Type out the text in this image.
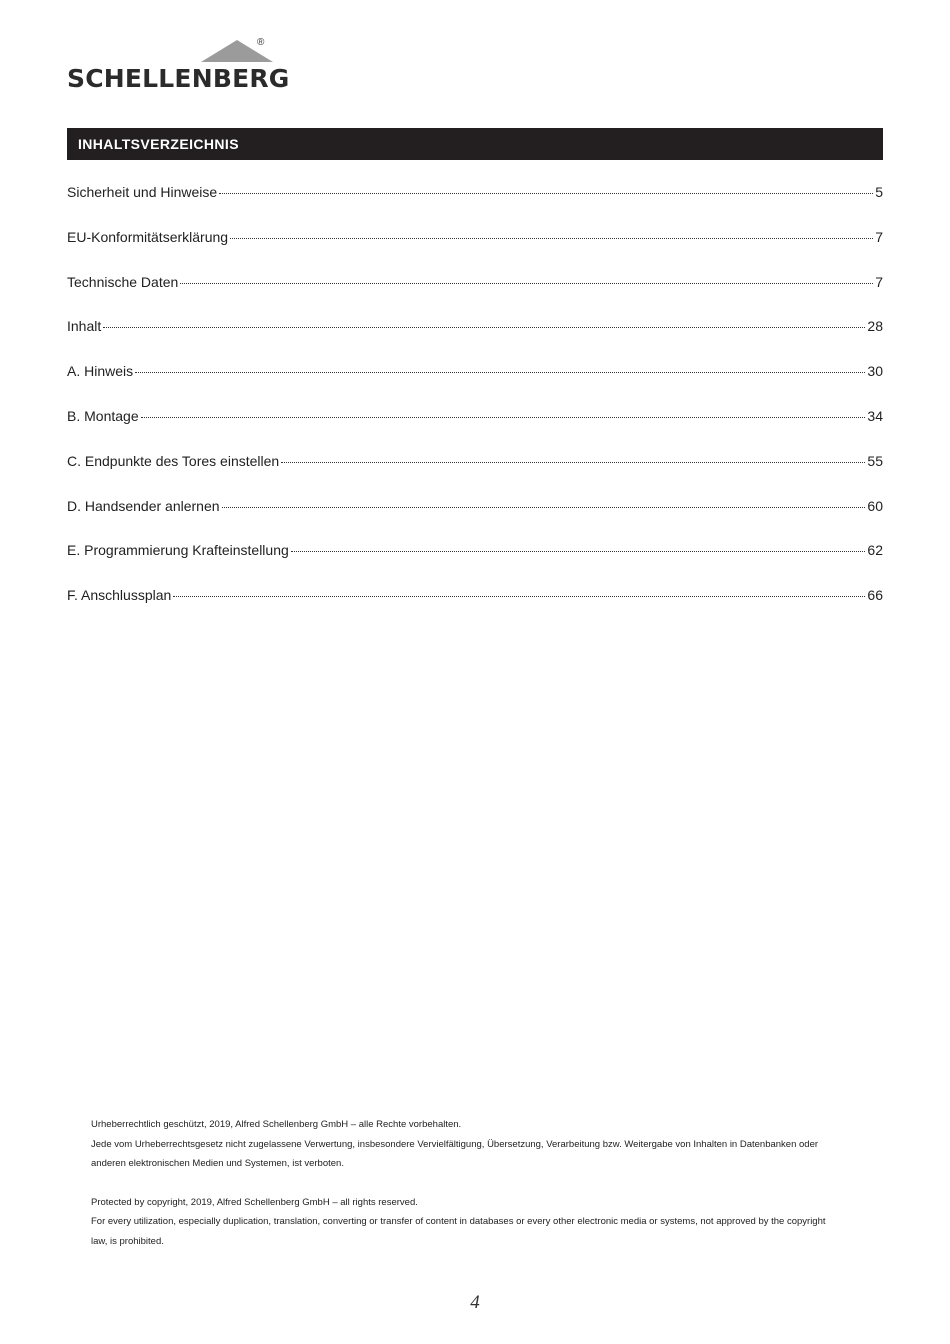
®
SCHELLENBERG
INHALTSVERZEICHNIS
Sicherheit und Hinweise	5
EU-Konformitätserklärung	7
Technische Daten	7
Inhalt	28
A. Hinweis	30
B. Montage	34
C. Endpunkte des Tores einstellen	55
D. Handsender anlernen	60
E. Programmierung Krafteinstellung	62
F. Anschlussplan	66

Urheberrechtlich geschützt, 2019, Alfred Schellenberg GmbH – alle Rechte vorbehalten.

Jede vom Urheberrechtsgesetz nicht zugelassene Verwertung, insbesondere Vervielfältigung, Übersetzung, Verarbeitung bzw. Weitergabe von Inhalten in Datenbanken oder

anderen elektronischen Medien und Systemen, ist verboten.

Protected by copyright, 2019, Alfred Schellenberg GmbH – all rights reserved.

For every utilization, especially duplication, translation, converting or transfer of content in databases or every other electronic media or systems, not approved by the copyright

law, is prohibited.

4
